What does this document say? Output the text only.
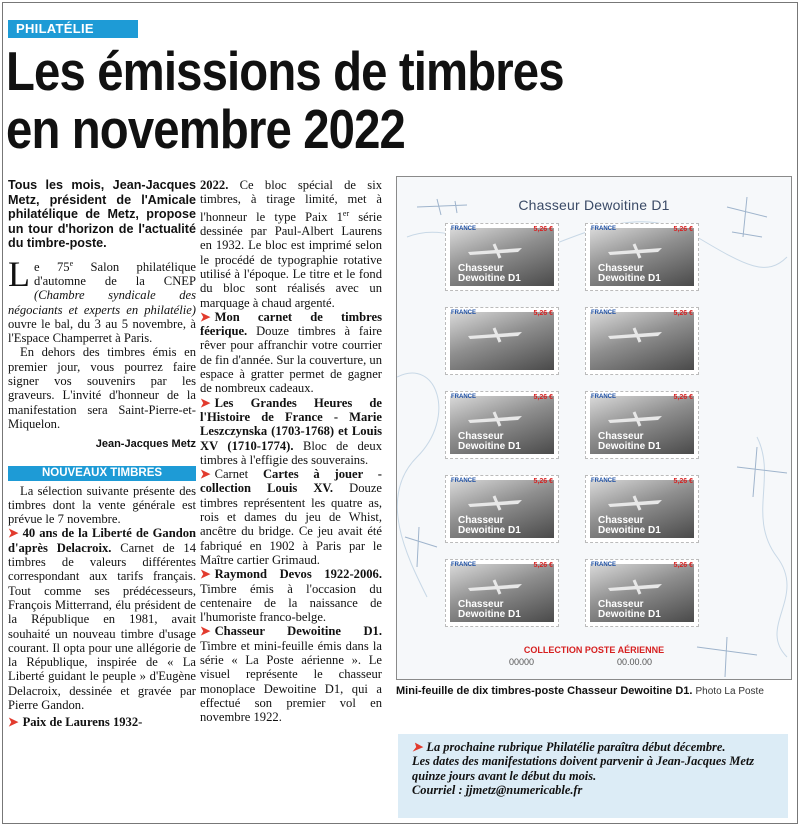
PHILATÉLIE
Les émissions de timbres
en novembre 2022

Tous les mois, Jean-Jacques Metz, président de l'Amicale philatélique de Metz, propose un tour d'horizon de l'actualité du timbre-poste.

Le 75e Salon philatélique d'automne de la CNEP (Chambre syndicale des négociants et experts en philatélie) ouvre le bal, du 3 au 5 novembre, à l'Espace Champerret à Paris.

En dehors des timbres émis en premier jour, vous pourrez faire signer vos souvenirs par les graveurs. L'invité d'honneur de la manifestation sera Saint-Pierre-et-Miquelon.

Jean-Jacques Metz

NOUVEAUX TIMBRES

La sélection suivante présente des timbres dont la vente générale est prévue le 7 novembre.

➤ 40 ans de la Liberté de Gandon d'après Delacroix. Carnet de 14 timbres de valeurs différentes correspondant aux tarifs français. Tout comme ses prédécesseurs, François Mitterrand, élu président de la République en 1981, avait souhaité un nouveau timbre d'usage courant. Il opta pour une allégorie de la République, inspirée de « La Liberté guidant le peuple » d'Eugène Delacroix, dessinée et gravée par Pierre Gandon.

➤ Paix de Laurens 1932-

2022. Ce bloc spécial de six timbres, à tirage limité, met à l'honneur le type Paix 1er série dessinée par Paul-Albert Laurens en 1932. Le bloc est imprimé selon le procédé de typographie rotative utilisé à l'époque. Le titre et le fond du bloc sont réalisés avec un marquage à chaud argenté.

➤ Mon carnet de timbres féerique. Douze timbres à faire rêver pour affranchir votre courrier de fin d'année. Sur la couverture, un espace à gratter permet de gagner de nombreux cadeaux.

➤ Les Grandes Heures de l'Histoire de France - Marie Leszczynska (1703-1768) et Louis XV (1710-1774). Bloc de deux timbres à l'effigie des souverains.

➤ Carnet Cartes à jouer - collection Louis XV. Douze timbres représentent les quatre as, rois et dames du jeu de Whist, ancêtre du bridge. Ce jeu avait été fabriqué en 1902 à Paris par le Maître cartier Grimaud.

➤ Raymond Devos 1922-2006. Timbre émis à l'occasion du centenaire de la naissance de l'humoriste franco-belge.

➤ Chasseur Dewoitine D1. Timbre et mini-feuille émis dans la série « La Poste aérienne ». Le visuel représente le chasseur monoplace Dewoitine D1, qui a effectué son premier vol en novembre 1922.

Chasseur Dewoitine D1
FRANCE	5,26 €
Chasseur
Dewoitine D1
FRANCE	5,26 €
Chasseur
Dewoitine D1
FRANCE	5,26 €	FRANCE	5,26 €
FRANCE	5,26 €
Chasseur
Dewoitine D1
FRANCE	5,26 €
Chasseur
Dewoitine D1
FRANCE	5,26 €
Chasseur
Dewoitine D1
FRANCE	5,26 €
Chasseur
Dewoitine D1
FRANCE	5,26 €
Chasseur
Dewoitine D1
FRANCE	5,26 €
Chasseur
Dewoitine D1
COLLECTION POSTE AÉRIENNE
00000	00.00.00
Mini-feuille de dix timbres-poste Chasseur Dewoitine D1. Photo La Poste

➤ La prochaine rubrique Philatélie paraîtra début décembre.

Les dates des manifestations doivent parvenir à Jean-Jacques Metz quinze jours avant le début du mois.

Courriel : jjmetz@numericable.fr
